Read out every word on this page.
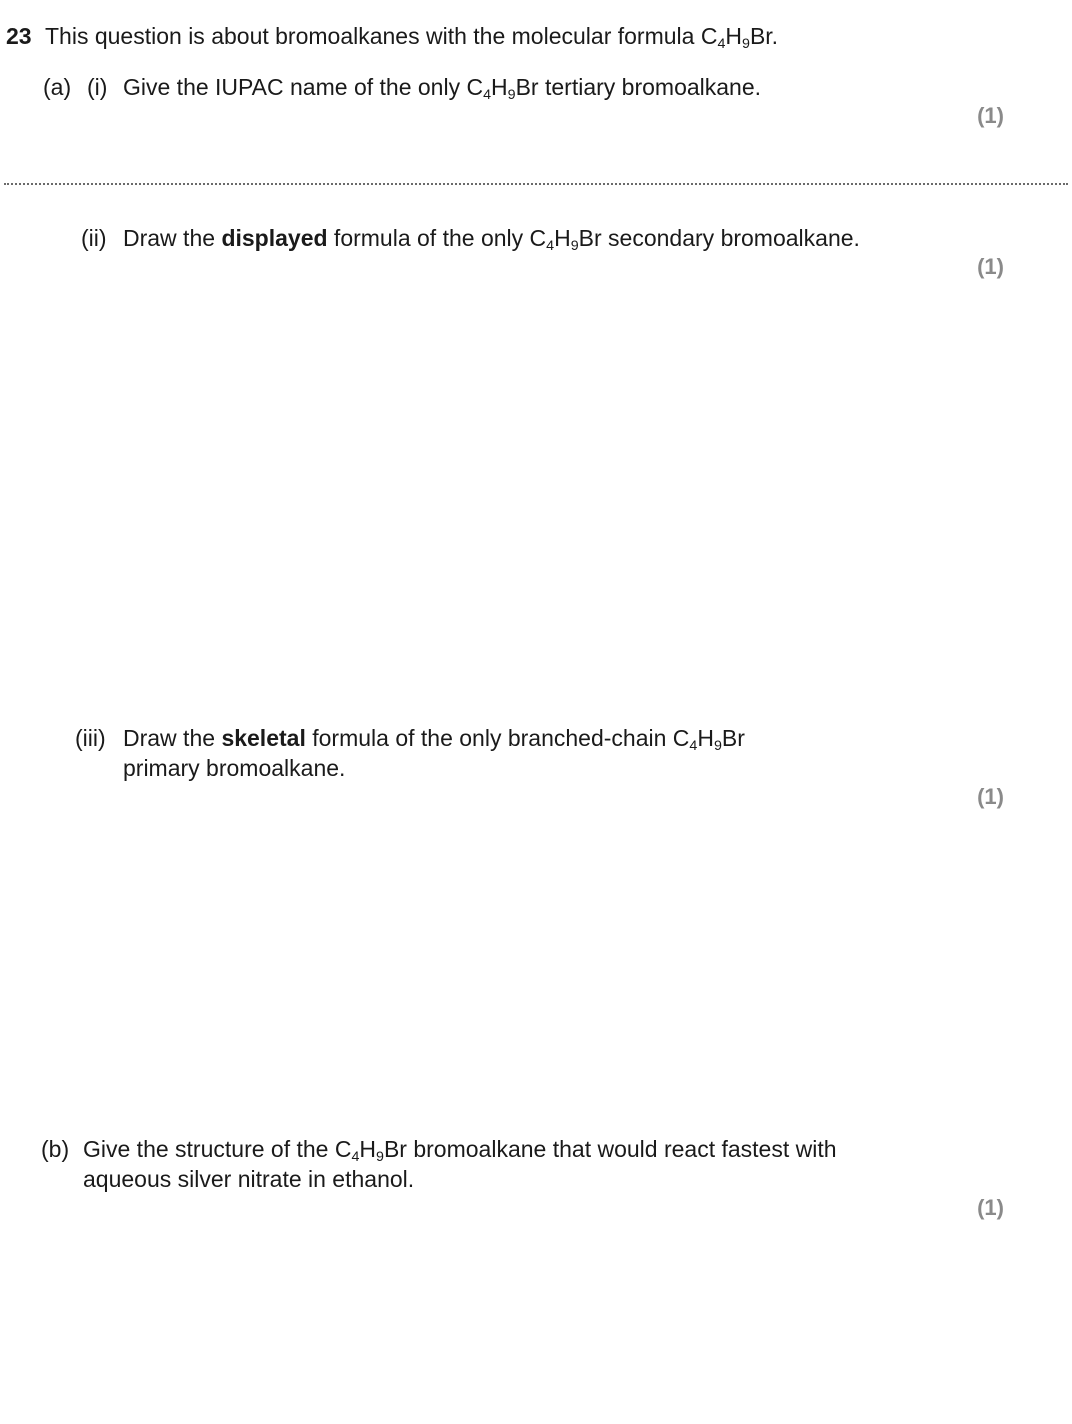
23 This question is about bromoalkanes with the molecular formula $C_4H_9Br$.
(a) (i) Give the IUPAC name of the only $C_4H_9Br$ tertiary bromoalkane.
(1)
(ii) Draw the displayed formula of the only $C_4H_9Br$ secondary bromoalkane.
(1)
(iii) Draw the skeletal formula of the only branched-chain $C_4H_9Br$
primary bromoalkane.
(1)
(b) Give the structure of the $C_4H_9Br$ bromoalkane that would react fastest with
aqueous silver nitrate in ethanol.
(1)
